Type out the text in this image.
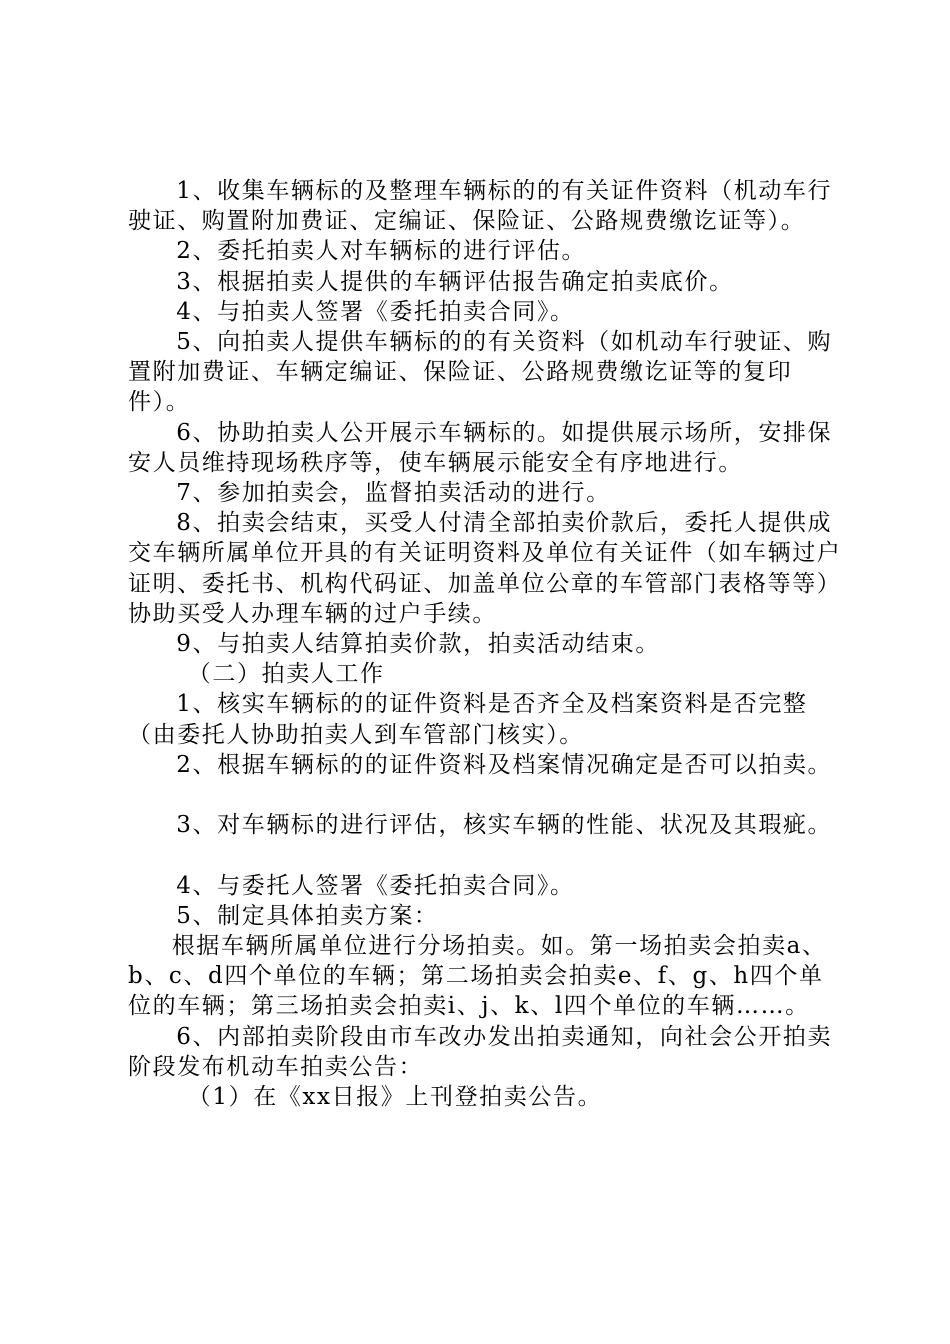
1、收集车辆标的及整理车辆标的的有关证件资料（机动车行驶证、购置附加费证、定编证、保险证、公路规费缴讫证等）。

2、委托拍卖人对车辆标的进行评估。

3、根据拍卖人提供的车辆评估报告确定拍卖底价。

4、与拍卖人签署《委托拍卖合同》。

5、向拍卖人提供车辆标的的有关资料（如机动车行驶证、购置附加费证、车辆定编证、保险证、公路规费缴讫证等的复印件）。

6、协助拍卖人公开展示车辆标的。如提供展示场所，安排保安人员维持现场秩序等，使车辆展示能安全有序地进行。

7、参加拍卖会，监督拍卖活动的进行。

8、拍卖会结束，买受人付清全部拍卖价款后，委托人提供成交车辆所属单位开具的有关证明资料及单位有关证件（如车辆过户证明、委托书、机构代码证、加盖单位公章的车管部门表格等等）协助买受人办理车辆的过户手续。

9、与拍卖人结算拍卖价款，拍卖活动结束。

（二）拍卖人工作

1、核实车辆标的的证件资料是否齐全及档案资料是否完整（由委托人协助拍卖人到车管部门核实）。

2、根据车辆标的的证件资料及档案情况确定是否可以拍卖。

3、对车辆标的进行评估，核实车辆的性能、状况及其瑕疵。

4、与委托人签署《委托拍卖合同》。

5、制定具体拍卖方案：

根据车辆所属单位进行分场拍卖。如。第一场拍卖会拍卖a、b、c、d四个单位的车辆；第二场拍卖会拍卖e、f、g、h四个单位的车辆；第三场拍卖会拍卖i、j、k、l四个单位的车辆……。

6、内部拍卖阶段由市车改办发出拍卖通知，向社会公开拍卖阶段发布机动车拍卖公告：

（1）在《xx日报》上刊登拍卖公告。
